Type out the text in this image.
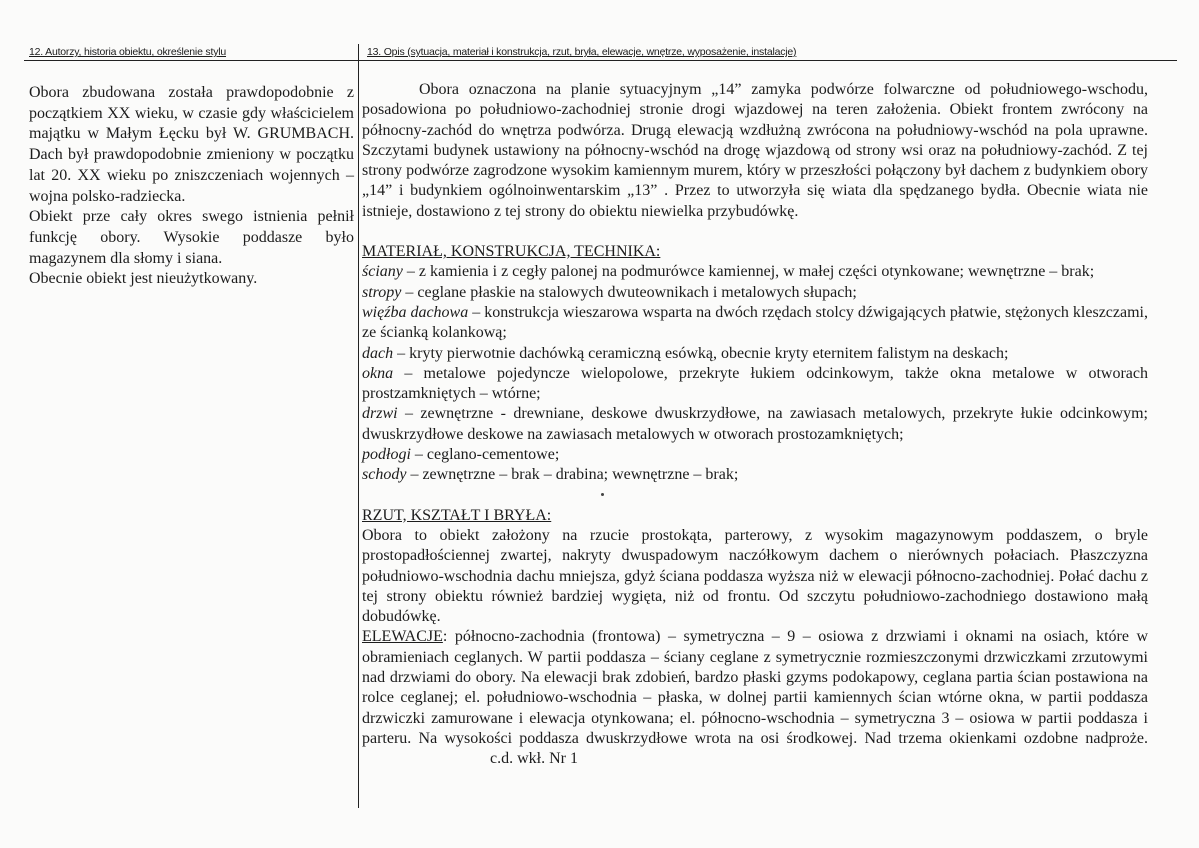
12. Autorzy, historia obiektu, określenie stylu	13. Opis (sytuacja, materiał i konstrukcja, rzut, bryła, elewacje, wnętrze, wyposażenie, instalacje)

Obora zbudowana została prawdopodobnie z początkiem XX wieku, w czasie gdy właścicielem majątku w Małym Łęcku był W. GRUMBACH. Dach był prawdopodobnie zmieniony w początku lat 20. XX wieku po zniszczeniach wojennych – wojna polsko-radziecka.

Obiekt prze cały okres swego istnienia pełnił funkcję obory. Wysokie poddasze było magazynem dla słomy i siana.

Obecnie obiekt jest nieużytkowany.

Obora oznaczona na planie sytuacyjnym „14” zamyka podwórze folwarczne od południowego-wschodu, posadowiona po południowo-zachodniej stronie drogi wjazdowej na teren założenia. Obiekt frontem zwrócony na północny-zachód do wnętrza podwórza. Drugą elewacją wzdłużną zwrócona na południowy-wschód na pola uprawne. Szczytami budynek ustawiony na północny-wschód na drogę wjazdową od strony wsi oraz na południowy-zachód. Z tej strony podwórze zagrodzone wysokim kamiennym murem, który w przeszłości połączony był dachem z budynkiem obory „14” i budynkiem ogólnoinwentarskim „13” . Przez to utworzyła się wiata dla spędzanego bydła. Obecnie wiata nie istnieje, dostawiono z tej strony do obiektu niewielka przybudówkę.

MATERIAŁ, KONSTRUKCJA, TECHNIKA:

ściany – z kamienia i z cegły palonej na podmurówce kamiennej, w małej części otynkowane; wewnętrzne – brak;

stropy – ceglane płaskie na stalowych dwuteownikach i metalowych słupach;

więźba dachowa – konstrukcja wieszarowa wsparta na dwóch rzędach stolcy dźwigających płatwie, stężonych kleszczami, ze ścianką kolankową;

dach – kryty pierwotnie dachówką ceramiczną esówką, obecnie kryty eternitem falistym na deskach;

okna – metalowe pojedyncze wielopolowe, przekryte łukiem odcinkowym, także okna metalowe w otworach prostzamkniętych – wtórne;

drzwi – zewnętrzne - drewniane, deskowe dwuskrzydłowe, na zawiasach metalowych, przekryte łukie odcinkowym; dwuskrzydłowe deskowe na zawiasach metalowych w otworach prostozamkniętych;

podłogi – ceglano-cementowe;

schody – zewnętrzne – brak – drabina; wewnętrzne – brak;

RZUT, KSZTAŁT I BRYŁA:

Obora to obiekt założony na rzucie prostokąta, parterowy, z wysokim magazynowym poddaszem, o bryle prostopadłościennej zwartej, nakryty dwuspadowym naczółkowym dachem o nierównych połaciach. Płaszczyzna południowo-wschodnia dachu mniejsza, gdyż ściana poddasza wyższa niż w elewacji północno-zachodniej. Połać dachu z tej strony obiektu również bardziej wygięta, niż od frontu. Od szczytu południowo-zachodniego dostawiono małą dobudówkę.

ELEWACJE: północno-zachodnia (frontowa) – symetryczna – 9 – osiowa z drzwiami i oknami na osiach, które w obramieniach ceglanych. W partii poddasza – ściany ceglane z symetrycznie rozmieszczonymi drzwiczkami zrzutowymi nad drzwiami do obory. Na elewacji brak zdobień, bardzo płaski gzyms podokapowy, ceglana partia ścian postawiona na rolce ceglanej; el. południowo-wschodnia – płaska, w dolnej partii kamiennych ścian wtórne okna, w partii poddasza drzwiczki zamurowane i elewacja otynkowana; el. północno-wschodnia – symetryczna 3 – osiowa w partii poddasza i parteru. Na wysokości poddasza dwuskrzydłowe wrota na osi środkowej. Nad trzema okienkami ozdobne nadproże.c.d. wkł. Nr 1
